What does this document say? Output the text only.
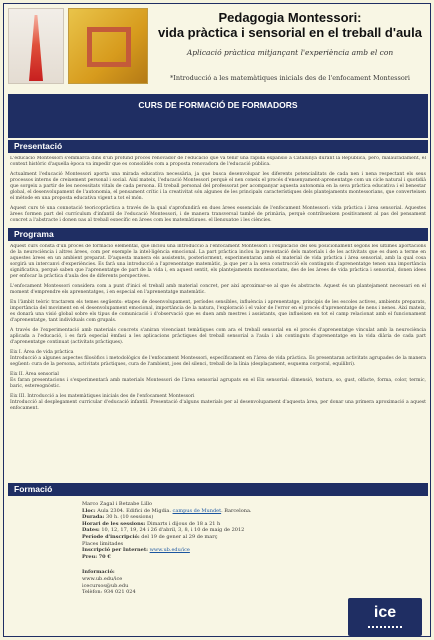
Pedagogia Montessori:
vida pràctica i sensorial en el treball d'aula
Aplicació pràctica mitjançant l'experiència amb el con
*Introducció a les matemàtiques inicials des de l'enfocament Montessori
CURS DE FORMACIÓ DE FORMADORS
Presentació

L'educació Montessori s'emmarca dins d'un profund procés renovador de l'educació que va tenir una ràpida expansió a Catalunya durant la República, però, malauradament, el context històric d'aquella època va impedir que es consolidés com a proposta renovadora de l'educació pública.

Actualment l'educació Montessori aporta una mirada educativa necessària, ja que busca desenvolupar les diferents potencialitats de cada nen i nena respectant els seus processos interns de creixement personal i social. Així mateix, l'educació Montessori perquè el nen coneix el procés d'ensenyament-aprenentatge com un cicle natural i quotidià que sorgeix a partir de les necessitats vitals de cada persona. El treball personal del professorat per acompanyar aquesta autonomia en la seva pràctica educativa i el benestar global, el desenvolupament de l'autonomia, el pensament crític i la creativitat són algunes de les principals característiques dels plantejaments montessorians, que converteixen el mètode en una proposta educativa vigent a tot el món.

Aquest curs té una connotació teoricopràctica a través de la qual s'aprofundirà en dues àrees essencials de l'enfocament Montessori: vida pràctica i àrea sensorial. Aquestes àrees formen part del currículum d'infantil de l'educació Montessori, i de manera transversal també de primària, perquè contribueixen positivament al pas del pensament concret a l'abstracte i donen pas al treball específic en àrees com les matemàtiques, el llenguatge i les ciències.

Programa

Aquest curs consta d'un procés de formació elemental, que inclou una introducció a l'enfocament Montessori i l'explicació del seu posicionament segons les últimes aportacions de la neurociència i altres àrees, com per exemple la intel·ligència emocional. La part pràctica inclou la presentació dels materials i de les activitats que es duen a terme en aquestes àrees en un ambient preparat. D'aquesta manera els assistents, posteriorment, experimentaran amb el material de vida pràctica i àrea sensorial, amb la qual cosa sorgirà un intercanvi d'experiències. Es farà una introducció a l'aprenentatge matemàtic, ja que per a la seva construcció els continguts d'aprenentatge tenen una importància significativa, perquè saben que l'aprenentatge de part de la vida i, en aquest sentit, els plantejaments montessorians, des de les àrees de vida pràctica i sensorial, donen idees per enfocar la pràctica d'aula des de diferents perspectives.

L'enfocament Montessori considera com a punt d'inici el treball amb material concret, per així aproximar-se al que és abstracte. Aquest és un plantejament necessari en el moment d'emprendre els aprenentatges, i en especial en l'aprenentatge matemàtic.

En l'àmbit teòric tractarem els temes següents: etapes de desenvolupament, períodes sensibles, influència i aprenentatge, principis de les escoles actives, ambients preparats, importància del moviment en el desenvolupament emocional, importància de la natura, l'exploració i el valor de l'error en el procés d'aprenentatge de nens i nenes. Així mateix, es donarà una visió global sobre els tipus de comunicació i d'observació que es duen amb mestres i assistants, que influeixen en tot el camp relacionat amb el funcionament d'aprenentatge, tant individuals com grupals.

A través de l'experimentació amb materials concrets s'aniran vivenciant temàtiques com ara el treball sensorial en el procés d'aprenentatge vinculat amb la neurociència aplicada a l'educació, i es farà especial èmfasi a les aplicacions pràctiques del treball sensorial a l'aula i als continguts d'aprenentatge en la vida diària de cada part d'aprenentatge continuat (activitats pràctiques).

Eix I. Àrea de vida pràctica

Introducció a algunes aspectes filosòfics i metodològics de l'enfocament Montessori, específicament en l'àrea de vida pràctica. Es presentaran activitats agrupades de la manera següent: cura de la persona, activitats pràctiques, cura de l'ambient, joes del silenci, treball de la línia (desplaçament, esquema corporal, equilibri).

Eix II. Àrea sensorial

Es faran presentacions i s'experimentarà amb materials Montessori de l'àrea sensorial agrupats en el Eix sensorial: dimensió, textura, so, gust, olfacte, forma, color, termic, baric, estereognòstic.

Eix III. Introducció a les matemàtiques inicials des de l'enfocament Montessori

Introducció al desplegament curricular d'educació infantil. Presentació d'alguns materials per al desenvolupament d'aquesta àrea, per donar una primera aproximació a aquest enfocament.

Formació
Marco Zagal i Betzabe Lillo
Lloc: Aula 2304. Edifici de Migdia. campus de Mundet. Barcelona.
Durada: 30 h. (10 sessions)
Horari de les sessions: Dimarts i dijous de 18 a 21 h
Dates: 10, 12, 17, 19, 24 i 26 d'abril, 3, 8, i 10 de maig de 2012
Període d'inscripció: del 19 de gener al 29 de març
Places limitades
Inscripció per Internet: www.ub.edu/ice
Preu: 70 €
Informació:
www.ub.edu/ice
icecursos@ub.edu
Telèfon: 934 021 024
ice
